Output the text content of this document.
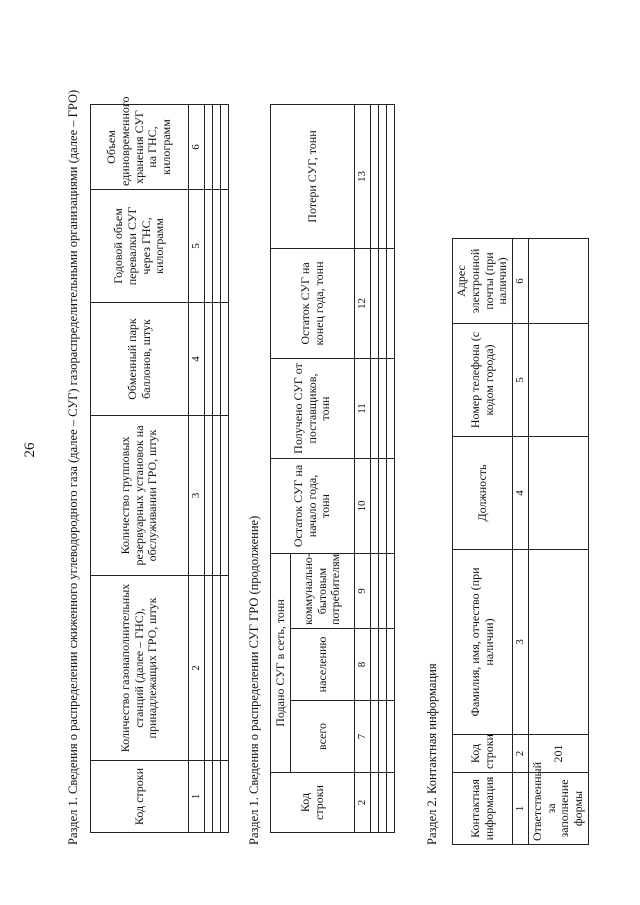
26 Раздел 1. Сведения о распределении сжиженного углеводородного газа (далее – СУГ) газораспределительными организациями (далее – ГРО)	Код строки	Количество газонаполнительных станций (далее – ГНС), принадлежащих ГРО, штук	Количество групповых резервуарных установок на обслуживании ГРО, штук	Обменный парк баллонов, штук	Годовой объем перевалки СУГ через ГНС, килограмм	Объем единовременного хранения СУГ на ГНС, килограмм
1	2	3	4	5	6

Раздел 1. Сведения о распределении СУГ ГРО (продолжение)	Код строки	Подано СУГ в сеть, тонн			Остаток СУГ на начало года, тонн	Получено СУГ от поставщиков, тонн	Остаток СУГ на конец года, тонн	Потери СУГ, тонн
	всего	населению	коммунально-бытовым потребителям				
2	7	8	9	10	11	12	13

Раздел 2. Контактная информация Контактная информация	Код строки	Фамилия, имя, отчество (при наличии)	Должность	Номер телефона (с кодом города)	Адрес электронной почты (при наличии)
1	2	3	4	5	6
Ответственный за заполнение формы	201				
